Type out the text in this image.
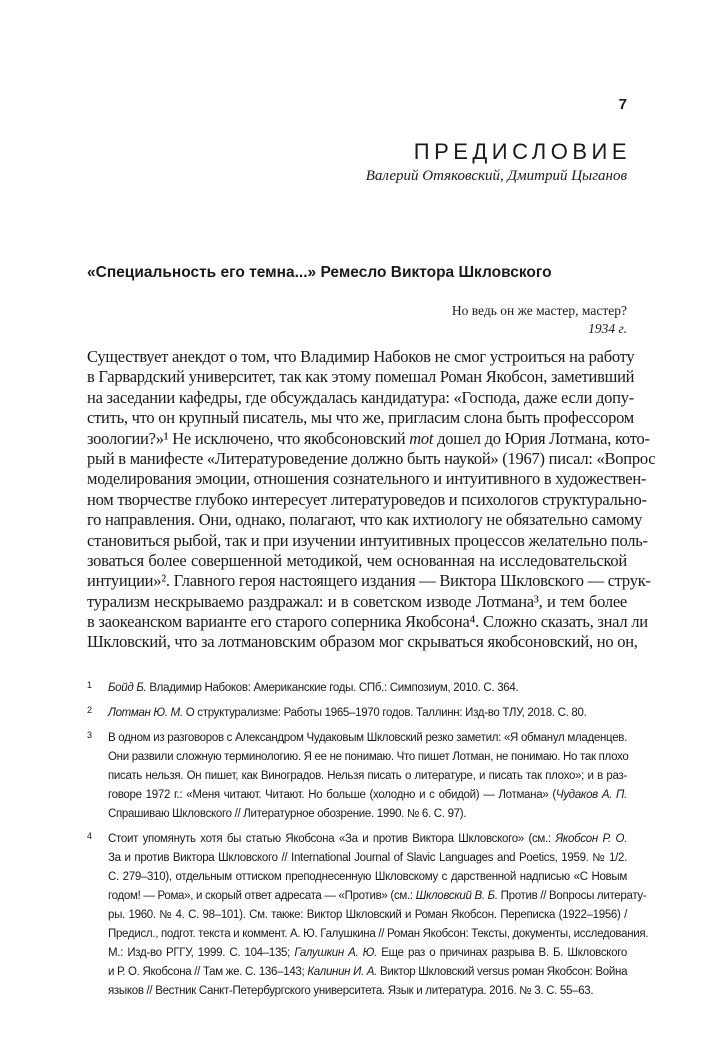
7
ПРЕДИСЛОВИЕ
Валерий Отяковский, Дмитрий Цыганов
«Специальность его темна...» Ремесло Виктора Шкловского
Но ведь он же мастер, мастер?
1934 г.
Существует анекдот о том, что Владимир Набоков не смог устроиться на работу
в Гарвардский университет, так как этому помешал Роман Якобсон, заметивший
на заседании кафедры, где обсуждалась кандидатура: «Господа, даже если допу-
стить, что он крупный писатель, мы что же, пригласим слона быть профессором
зоологии?»¹ Не исключено, что якобсоновский mot дошел до Юрия Лотмана, кото-
рый в манифесте «Литературоведение должно быть наукой» (1967) писал: «Вопрос
моделирования эмоции, отношения сознательного и интуитивного в художествен-
ном творчестве глубоко интересует литературоведов и психологов структурально-
го направления. Они, однако, полагают, что как ихтиологу не обязательно самому
становиться рыбой, так и при изучении интуитивных процессов желательно поль-
зоваться более совершенной методикой, чем основанная на исследовательской
интуиции»². Главного героя настоящего издания — Виктора Шкловского — струк-
турализм нескрываемо раздражал: и в советском изводе Лотмана³, и тем более
в заокеанском варианте его старого соперника Якобсона⁴. Сложно сказать, знал ли
Шкловский, что за лотмановским образом мог скрываться якобсоновский, но он,
1 Бойд Б. Владимир Набоков: Американские годы. СПб.: Симпозиум, 2010. С. 364.
2 Лотман Ю. М. О структурализме: Работы 1965–1970 годов. Таллинн: Изд-во ТЛУ, 2018. С. 80.
3 В одном из разговоров с Александром Чудаковым Шкловский резко заметил: «Я обманул младенцев.
Они развили сложную терминологию. Я ее не понимаю. Что пишет Лотман, не понимаю. Но так плохо
писать нельзя. Он пишет, как Виноградов. Нельзя писать о литературе, и писать так плохо»; и в раз-
говоре 1972 г.: «Меня читают. Читают. Но больше (холодно и с обидой) — Лотмана» (Чудаков А. П.
Спрашиваю Шкловского // Литературное обозрение. 1990. № 6. С. 97).
4 Стоит упомянуть хотя бы статью Якобсона «За и против Виктора Шкловского» (см.: Якобсон Р. О.
За и против Виктора Шкловского // International Journal of Slavic Languages and Poetics, 1959. № 1/2.
С. 279–310), отдельным оттиском преподнесенную Шкловскому с дарственной надписью «С Новым
годом! — Рома», и скорый ответ адресата — «Против» (см.: Шкловский В. Б. Против // Вопросы литерату-
ры. 1960. № 4. С. 98–101). См. также: Виктор Шкловский и Роман Якобсон. Переписка (1922–1956) /
Предисл., подгот. текста и коммент. А. Ю. Галушкина // Роман Якобсон: Тексты, документы, исследования.
М.: Изд-во РГГУ, 1999. С. 104–135; Галушкин А. Ю. Еще раз о причинах разрыва В. Б. Шкловского
и Р. О. Якобсона // Там же. С. 136–143; Калинин И. А. Виктор Шкловский versus роман Якобсон: Война
языков // Вестник Санкт-Петербургского университета. Язык и литература. 2016. № 3. С. 55–63.
